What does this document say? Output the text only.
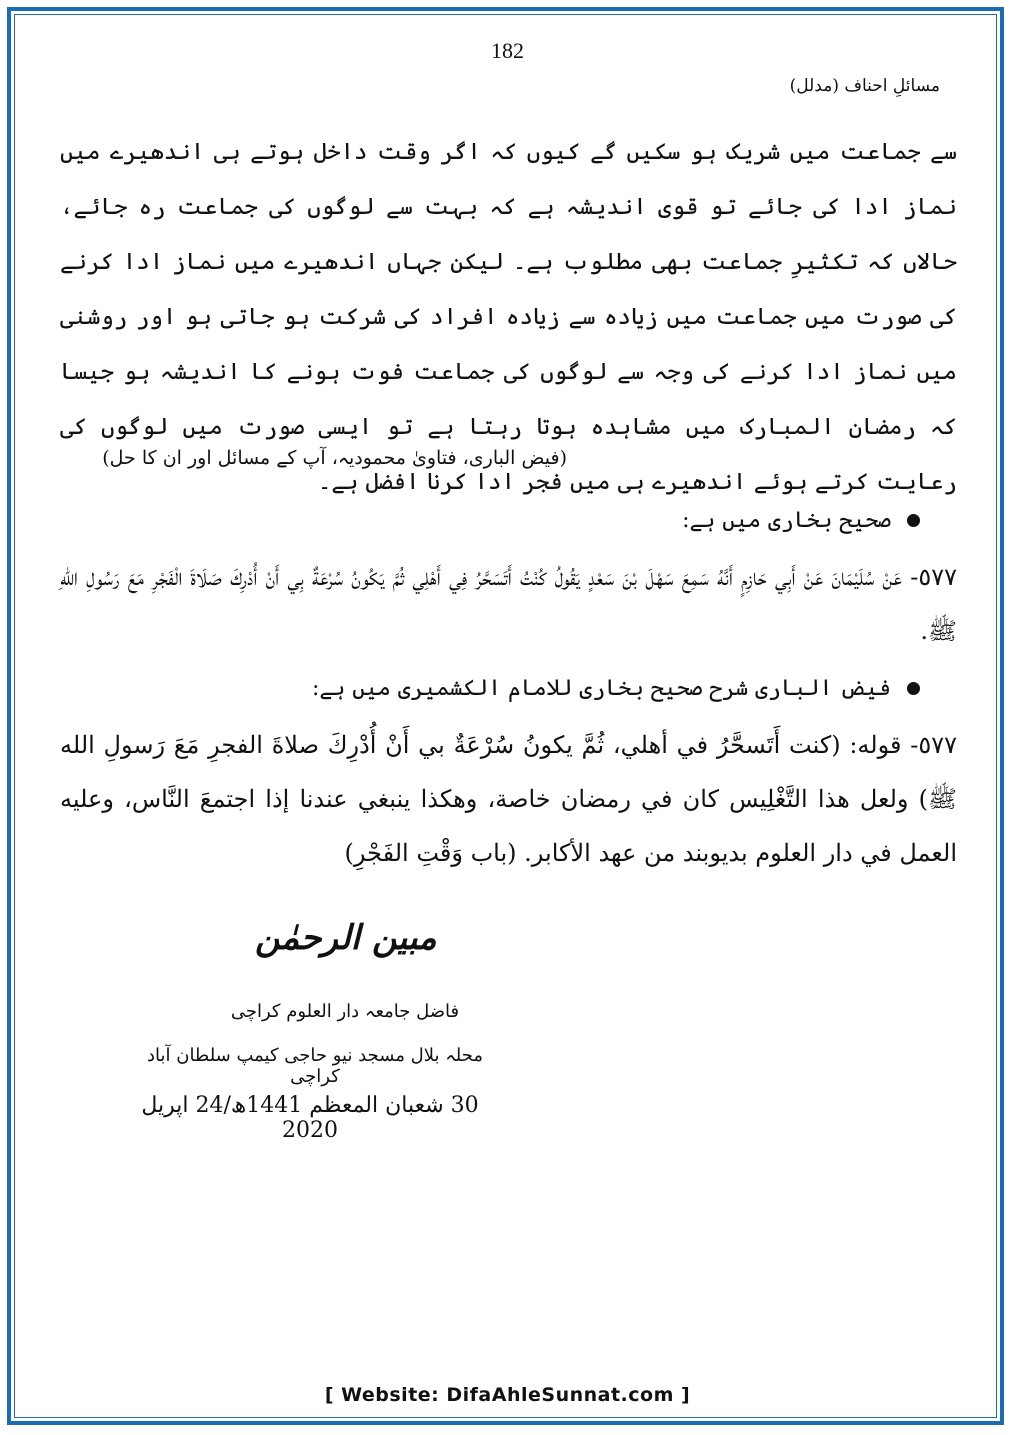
182
مسائلِ احناف (مدلل)
سے جماعت میں شریک ہو سکیں گے کیوں کہ اگر وقت داخل ہوتے ہی اندھیرے میں نماز ادا کی جائے تو قوی اندیشہ ہے کہ بہت سے لوگوں کی جماعت رہ جائے، حالاں کہ تکثیرِ جماعت بھی مطلوب ہے۔ لیکن جہاں اندھیرے میں نماز ادا کرنے کی صورت میں جماعت میں زیادہ سے زیادہ افراد کی شرکت ہو جاتی ہو اور روشنی میں نماز ادا کرنے کی وجہ سے لوگوں کی جماعت فوت ہونے کا اندیشہ ہو جیسا کہ رمضان المبارک میں مشاہدہ ہوتا رہتا ہے تو ایسی صورت میں لوگوں کی رعایت کرتے ہوئے اندھیرے ہی میں فجر ادا کرنا افضل ہے۔
(فیض الباری، فتاویٰ محمودیہ، آپ کے مسائل اور ان کا حل)
صحیح بخاری میں ہے:
٥٧٧- عَنْ سُلَيْمَانَ عَنْ أَبِي حَازِمٍ أَنَّهُ سَمِعَ سَهْلَ بْنَ سَعْدٍ يَقُولُ كُنْتُ أَتَسَحَّرُ فِي أَهْلِي ثُمَّ يَكُونُ سُرْعَةٌ بِي أَنْ أُدْرِكَ صَلَاةَ الْفَجْرِ مَعَ رَسُولِ اللهِ ﷺ.
فیض الباری شرح صحیح بخاری للامام الکشمیری میں ہے:
٥٧٧- قوله: (كنت أَتَسحَّرُ في أهلي، ثُمَّ يكونُ سُرْعَةٌ بي أَنْ أُدْرِكَ صلاةَ الفجرِ مَعَ رَسولِ الله ﷺ) ولعل هذا التَّغْلِيس كان في رمضان خاصة، وهكذا ينبغي عندنا إذا اجتمعَ النَّاس، وعليه العمل في دار العلوم بديوبند من عهد الأكابر. (باب وَقْتِ الفَجْرِ)
مبین الرحمٰن
فاضل جامعہ دار العلوم کراچی
محلہ بلال مسجد نیو حاجی کیمپ سلطان آباد کراچی
30 شعبان المعظم 1441ھ/24 اپریل 2020
[ Website: DifaAhleSunnat.com ]
